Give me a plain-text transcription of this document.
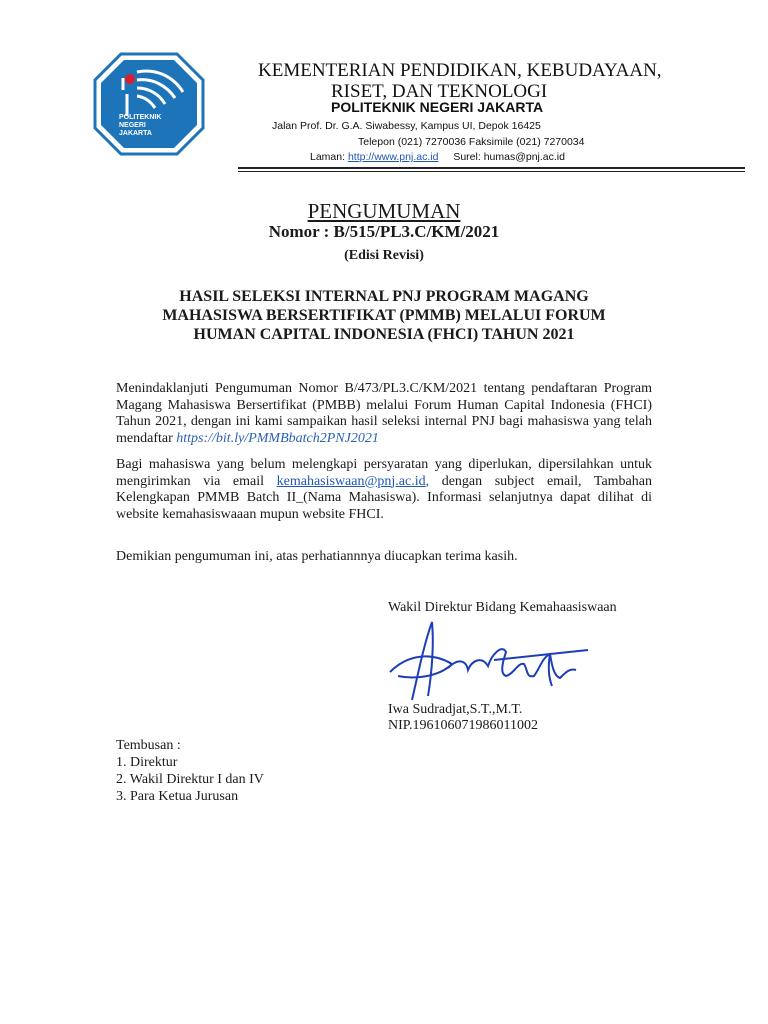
POLITEKNIK
NEGERI
JAKARTA
KEMENTERIAN PENDIDIKAN, KEBUDAYAAN,
RISET, DAN TEKNOLOGI
POLITEKNIK NEGERI JAKARTA
Jalan Prof. Dr. G.A. Siwabessy, Kampus UI, Depok 16425
Telepon (021) 7270036 Faksimile (021) 7270034
Laman: http://www.pnj.ac.id Surel: humas@pnj.ac.id
PENGUMUMAN
Nomor : B/515/PL3.C/KM/2021
(Edisi Revisi)
HASIL SELEKSI INTERNAL PNJ PROGRAM MAGANG
MAHASISWA BERSERTIFIKAT (PMMB) MELALUI FORUM
HUMAN CAPITAL INDONESIA (FHCI) TAHUN 2021
Menindaklanjuti Pengumuman Nomor B/473/PL3.C/KM/2021 tentang pendaftaran Program Magang Mahasiswa Bersertifikat (PMBB) melalui Forum Human Capital Indonesia (FHCI) Tahun 2021, dengan ini kami sampaikan hasil seleksi internal PNJ bagi mahasiswa yang telah mendaftar https://bit.ly/PMMBbatch2PNJ2021
Bagi mahasiswa yang belum melengkapi persyaratan yang diperlukan, dipersilahkan untuk mengirimkan via email kemahasiswaan@pnj.ac.id, dengan subject email, Tambahan Kelengkapan PMMB Batch II_(Nama Mahasiswa). Informasi selanjutnya dapat dilihat di website kemahasiswaaan mupun website FHCI.
Demikian pengumuman ini, atas perhatiannnya diucapkan terima kasih.
Wakil Direktur Bidang Kemahaasiswaan
Iwa Sudradjat,S.T.,M.T.
NIP.196106071986011002
Tembusan :
1. Direktur
2. Wakil Direktur I dan IV
3. Para Ketua Jurusan
